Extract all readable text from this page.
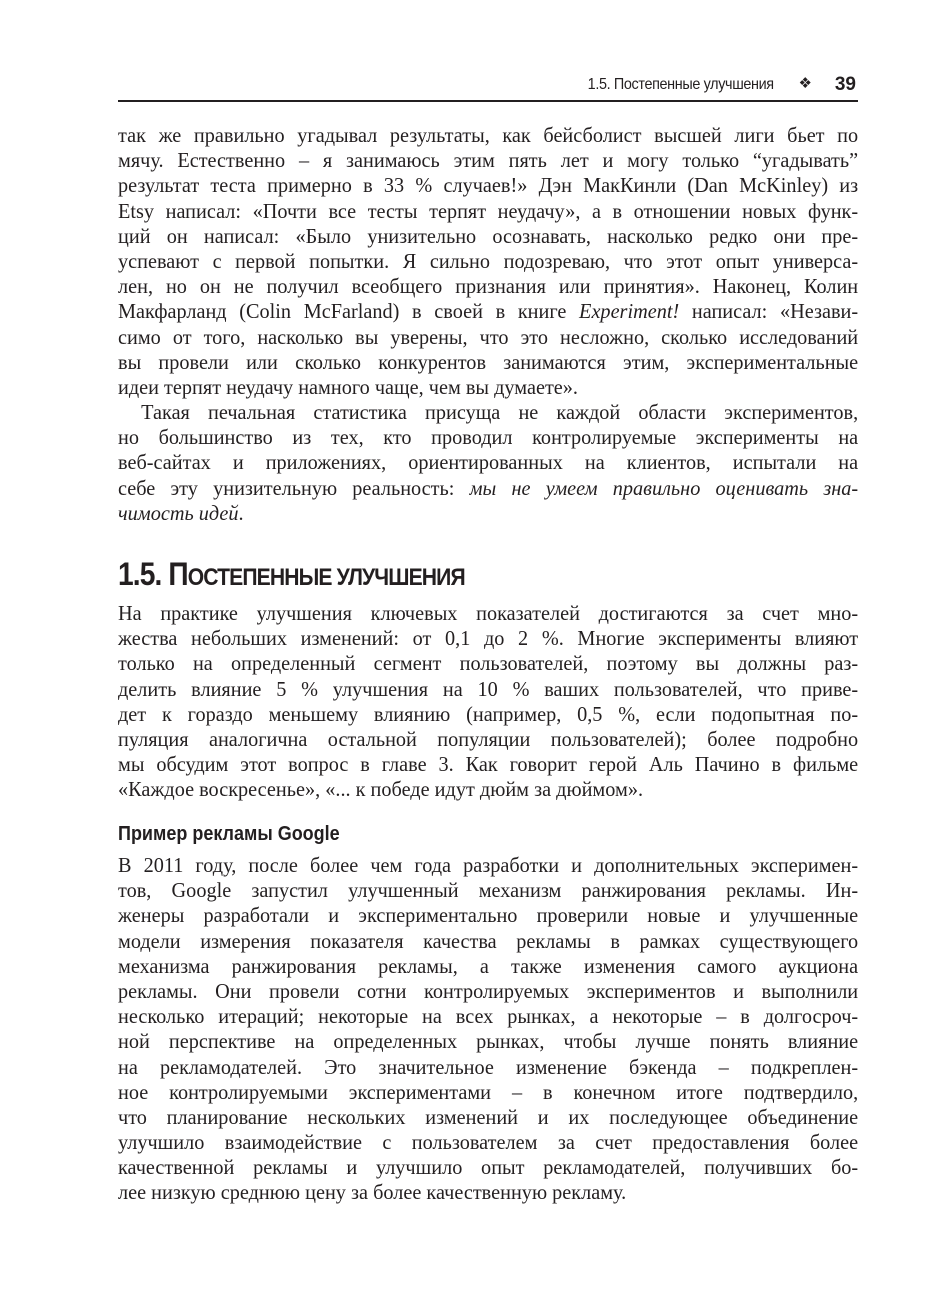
1.5. Постепенные улучшения ❖ 39
так же правильно угадывал результаты, как бейсболист высшей лиги бьет по
мячу. Естественно – я занимаюсь этим пять лет и могу только “угадывать”
результат теста примерно в 33 % случаев!» Дэн МакКинли (Dan McKinley) из
Etsy написал: «Почти все тесты терпят неудачу», а в отношении новых функ-
ций он написал: «Было унизительно осознавать, насколько редко они пре-
успевают с первой попытки. Я сильно подозреваю, что этот опыт универса-
лен, но он не получил всеобщего признания или принятия». Наконец, Колин
Макфарланд (Colin McFarland) в своей в книге Experiment! написал: «Незави-
симо от того, насколько вы уверены, что это несложно, сколько исследований
вы провели или сколько конкурентов занимаются этим, экспериментальные
идеи терпят неудачу намного чаще, чем вы думаете».
Такая печальная статистика присуща не каждой области экспериментов,
но большинство из тех, кто проводил контролируемые эксперименты на
веб-сайтах и приложениях, ориентированных на клиентов, испытали на
себе эту унизительную реальность: мы не умеем правильно оценивать зна-
чимость идей.
1.5. ПОСТЕПЕННЫЕ УЛУЧШЕНИЯ
На практике улучшения ключевых показателей достигаются за счет мно-
жества небольших изменений: от 0,1 до 2 %. Многие эксперименты влияют
только на определенный сегмент пользователей, поэтому вы должны раз-
делить влияние 5 % улучшения на 10 % ваших пользователей, что приве-
дет к гораздо меньшему влиянию (например, 0,5 %, если подопытная по-
пуляция аналогична остальной популяции пользователей); более подробно
мы обсудим этот вопрос в главе 3. Как говорит герой Аль Пачино в фильме
«Каждое воскресенье», «... к победе идут дюйм за дюймом».
Пример рекламы Google
В 2011 году, после более чем года разработки и дополнительных эксперимен-
тов, Google запустил улучшенный механизм ранжирования рекламы. Ин-
женеры разработали и экспериментально проверили новые и улучшенные
модели измерения показателя качества рекламы в рамках существующего
механизма ранжирования рекламы, а также изменения самого аукциона
рекламы. Они провели сотни контролируемых экспериментов и выполнили
несколько итераций; некоторые на всех рынках, а некоторые – в долгосроч-
ной перспективе на определенных рынках, чтобы лучше понять влияние
на рекламодателей. Это значительное изменение бэкенда – подкреплен-
ное контролируемыми экспериментами – в конечном итоге подтвердило,
что планирование нескольких изменений и их последующее объединение
улучшило взаимодействие с пользователем за счет предоставления более
качественной рекламы и улучшило опыт рекламодателей, получивших бо-
лее низкую среднюю цену за более качественную рекламу.
